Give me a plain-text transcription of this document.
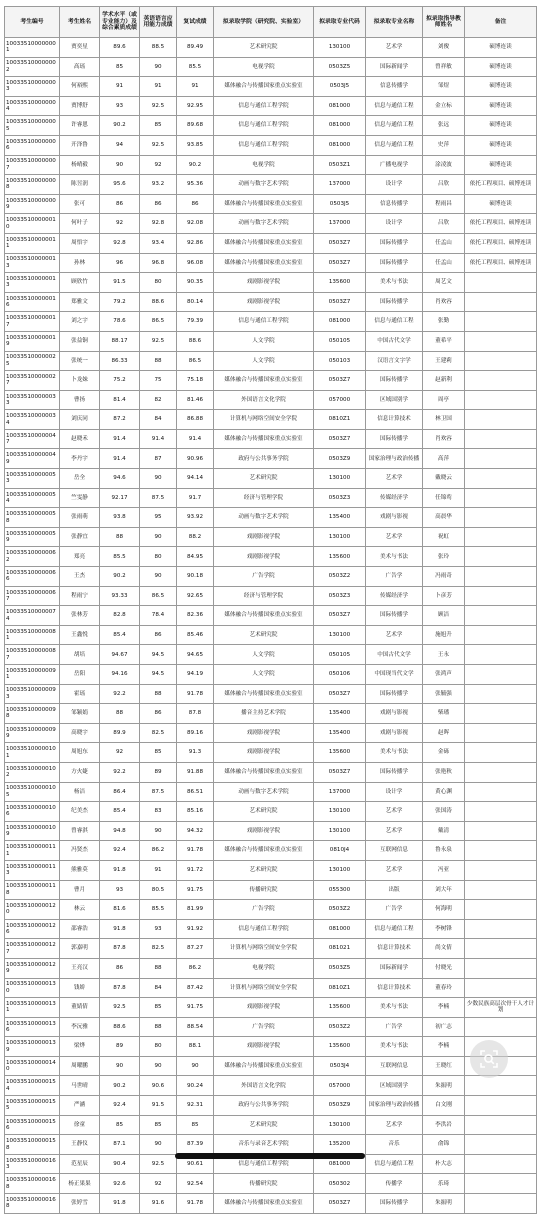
考生编号	考生姓名	学术水平（或专业能力）及综合素质成绩	英语语言应用能力成绩	复试成绩	拟录取学院（研究院、实验室）	拟录取专业代码	拟录取专业名称	拟录取指导教师姓名	备注
100335100000001	贾奕星	89.6	88.5	89.49	艺术研究院	130100	艺术学	刘俊	硕博连读
100335100000002	高瑶	85	90	85.5	电视学院	0503Z5	国际新闻学	曾祥敏	硕博连读
100335100000003	何裕熙	91	91	91	媒体融合与传播国家重点实验室	0503J5	信息传播学	邹煜	硕博连读
100335100000004	贾博舒	93	92.5	92.95	信息与通信工程学院	081000	信息与通信工程	金立标	硕博连读
100335100000005	许睿恩	90.2	85	89.68	信息与通信工程学院	081000	信息与通信工程	张远	硕博连读
100335100000006	开泽鲁	94	92.5	93.85	信息与通信工程学院	081000	信息与通信工程	史萍	硕博连读
100335100000007	杨晴毅	90	92	90.2	电视学院	0503Z1	广播电视学	涂凌波	硕博连读
100335100000008	陈昱润	95.6	93.2	95.36	动画与数字艺术学院	137000	设计学	吕欣	依托工程项目、硕博连读
100335100000009	张可	86	86	86	媒体融合与传播国家重点实验室	0503J5	信息传播学	程雨昌	硕博连读
100335100000010	何叶子	92	92.8	92.08	动画与数字艺术学院	137000	设计学	吕欣	依托工程项目、硕博连读
100335100000011	周悟宇	92.8	93.4	92.86	媒体融合与传播国家重点实验室	0503Z7	国际传播学	任孟山	依托工程项目、硕博连读
100335100000013	孙林	96	96.8	96.08	媒体融合与传播国家重点实验室	0503Z7	国际传播学	任孟山	依托工程项目、硕博连读
100335100000013	顾欣竹	91.5	80	90.35	戏剧影视学院	135600	美术与书法	周艺文	
100335100000016	郑雅文	79.2	88.6	80.14	戏剧影视学院	0503Z7	国际传播学	肖欢容	
100335100000017	刘之宇	78.6	86.5	79.39	信息与通信工程学院	081000	信息与通信工程	张勤	
100335100000019	张益铜	88.17	92.5	88.6	人文学院	050105	中国古代文学	董希平	
100335100000025	张统一	86.33	88	86.5	人文学院	050103	汉语言文字学	王建莉	
100335100000027	卜龙妹	75.2	75	75.18	媒体融合与传播国家重点实验室	0503Z7	国际传播学	赵新利	
100335100000033	曹扬	81.4	82	81.46	外国语言文化学院	057000	区域国别学	周亭	
100335100000034	刘庆同	87.2	84	86.88	计算机与网络空间安全学院	0810Z1	信息计算技术	林卫国	
100335100000047	赵晓禾	91.4	91.4	91.4	媒体融合与传播国家重点实验室	0503Z7	国际传播学	肖欢容	
100335100000049	李丹宇	91.4	87	90.96	政府与公共事务学院	0503Z9	国家治理与政治传播	高萍	
100335100000053	岳全	94.6	90	94.14	艺术研究院	130100	艺术学	戴晓云	
100335100000054	竺雯静	92.17	87.5	91.7	经济与管理学院	0503Z3	传媒经济学	任锦鸾	
100335100000058	张雨萌	93.8	95	93.92	动画与数字艺术学院	135400	戏剧与影视	高晨华	
100335100000059	张静宜	88	90	88.2	戏剧影视学院	130100	艺术学	祝虹	
100335100000062	郑亮	85.5	80	84.95	戏剧影视学院	135600	美术与书法	张玲	
100335100000066	王杰	90.2	90	90.18	广告学院	0503Z2	广告学	冯雨奇	
100335100000067	程雨宁	93.33	86.5	92.65	经济与管理学院	0503Z3	传媒经济学	卜彦芳	
100335100000074	张林芳	82.8	78.4	82.36	媒体融合与传播国家重点实验室	0503Z7	国际传播学	顾洁	
100335100000081	王鑫悦	85.4	86	85.46	艺术研究院	130100	艺术学	施旭升	
100335100000087	胡培	94.67	94.5	94.65	人文学院	050105	中国古代文学	王永	
100335100000091	岳阳	94.16	94.5	94.19	人文学院	050106	中国现当代文学	张鸿声	
100335100000093	霍瑶	92.2	88	91.78	媒体融合与传播国家重点实验室	0503Z7	国际传播学	张毓强	
100335100000098	邹颖娟	88	86	87.8	播音主持艺术学院	135400	戏剧与影视	柴璠	
100335100000099	高晓宇	89.9	82.5	89.16	戏剧影视学院	135400	戏剧与影视	赵晖	
100335100000101	周旭东	92	85	91.3	戏剧影视学院	135600	美术与书法	金砾	
100335100000102	方火婕	92.2	89	91.88	媒体融合与传播国家重点实验室	0503Z7	国际传播学	张艳秋	
100335100000105	杨洁	86.4	87.5	86.51	动画与数字艺术学院	137000	设计学	黄心渊	
100335100000106	纪美杰	85.4	83	85.16	艺术研究院	130100	艺术学	张国涛	
100335100000109	曾睿淇	94.8	90	94.32	戏剧影视学院	130100	艺术学	戴清	
100335100000111	冯贤杰	92.4	86.2	91.78	媒体融合与传播国家重点实验室	0810J4	互联网信息	鲁永泉	
100335100000113	熊雅莫	91.8	91	91.72	艺术研究院	130100	艺术学	冯亚	
100335100000118	曹月	93	80.5	91.75	传播研究院	055300	出版	刘大年	
100335100000120	林云	81.6	85.5	81.99	广告学院	0503Z2	广告学	何海明	
100335100000126	邵睿浩	91.8	93	91.92	信息与通信工程学院	081000	信息与通信工程	李树锋	
100335100000127	郭嘉明	87.8	82.5	87.27	计算机与网络空间安全学院	081021	信息计算技术	尚文倩	
100335100000129	王亮汉	86	88	86.2	电视学院	0503Z5	国际新闻学	付晓光	
100335100000130	钱娇	87.8	84	87.42	计算机与网络空间安全学院	0810Z1	信息计算技术	董春玲	
100335100000131	董婧倩	92.5	85	91.75	戏剧影视学院	135600	美术与书法	李楠	少数民族高层次骨干人才计划
100335100000136	李沅雅	88.6	88	88.54	广告学院	0503Z2	广告学	初广志	
100335100000139	梁烨	89	80	88.1	戏剧影视学院	135600	美术与书法	李楠	
100335100000140	周曜鹏	90	90	90	媒体融合与传播国家重点实验室	0503J4	互联网信息	王晓红	
100335100000154	马世晴	90.2	90.6	90.24	外国语言文化学院	057000	区域国别学	朱振明	
100335100000155	严涵	92.4	91.5	92.31	政府与公共事务学院	0503Z9	国家治理与政治传播	白文刚	
100335100000156	徐童	85	85	85	艺术研究院	130100	艺术学	李洪岩	
100335100000158	王静仪	87.1	90	87.39	音乐与录音艺术学院	135200	音乐	俞锦	
100335100000163	范星辰	90.4	92.5	90.61	信息与通信工程学院	081000	信息与通信工程	朴大志	
100335100000168	杨正果果	92.6	92	92.54	传播研究院	050302	传播学	乐琦	
100335100000168	张婷雪	91.8	91.6	91.78	媒体融合与传播国家重点实验室	0503Z7	国际传播学	朱振明	
